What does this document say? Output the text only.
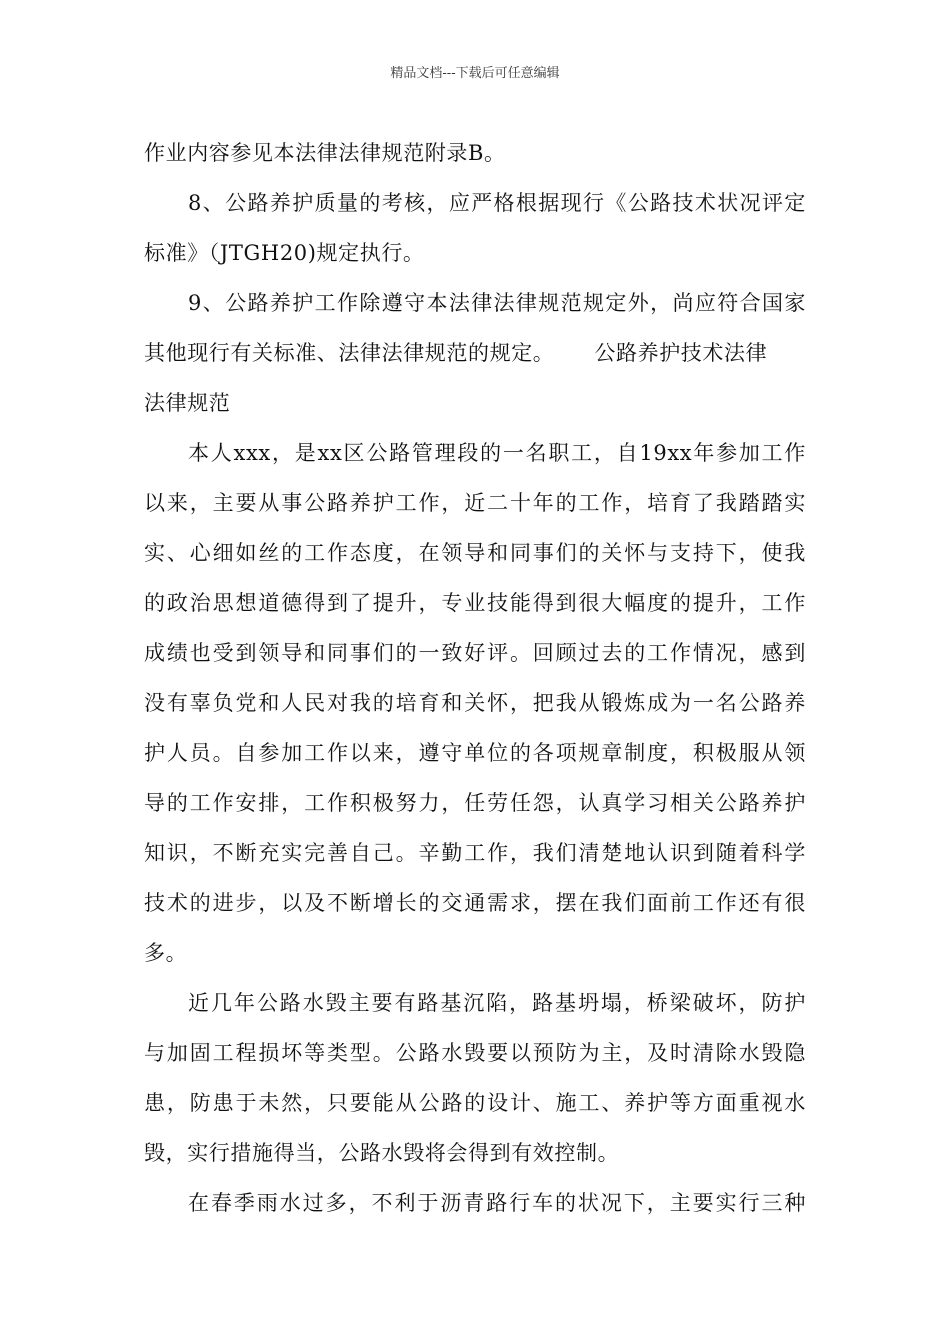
精品文档---下载后可任意编辑
作业内容参见本法律法律规范附录B。
8、公路养护质量的考核，应严格根据现行《公路技术状况评定
标准》（JTGH20)规定执行。
9、公路养护工作除遵守本法律法律规范规定外，尚应符合国家
其他现行有关标准、法律法律规范的规定。 公路养护技术法律
法律规范
本人xxx，是xx区公路管理段的一名职工，自19xx年参加工作
以来，主要从事公路养护工作，近二十年的工作，培育了我踏踏实
实、心细如丝的工作态度，在领导和同事们的关怀与支持下，使我
的政治思想道德得到了提升，专业技能得到很大幅度的提升，工作
成绩也受到领导和同事们的一致好评。回顾过去的工作情况，感到
没有辜负党和人民对我的培育和关怀，把我从锻炼成为一名公路养
护人员。自参加工作以来，遵守单位的各项规章制度，积极服从领
导的工作安排，工作积极努力，任劳任怨，认真学习相关公路养护
知识，不断充实完善自己。辛勤工作，我们清楚地认识到随着科学
技术的进步，以及不断增长的交通需求，摆在我们面前工作还有很
多。
近几年公路水毁主要有路基沉陷，路基坍塌，桥梁破坏，防护
与加固工程损坏等类型。公路水毁要以预防为主，及时清除水毁隐
患，防患于未然，只要能从公路的设计、施工、养护等方面重视水
毁，实行措施得当，公路水毁将会得到有效控制。
在春季雨水过多，不利于沥青路行车的状况下，主要实行三种
